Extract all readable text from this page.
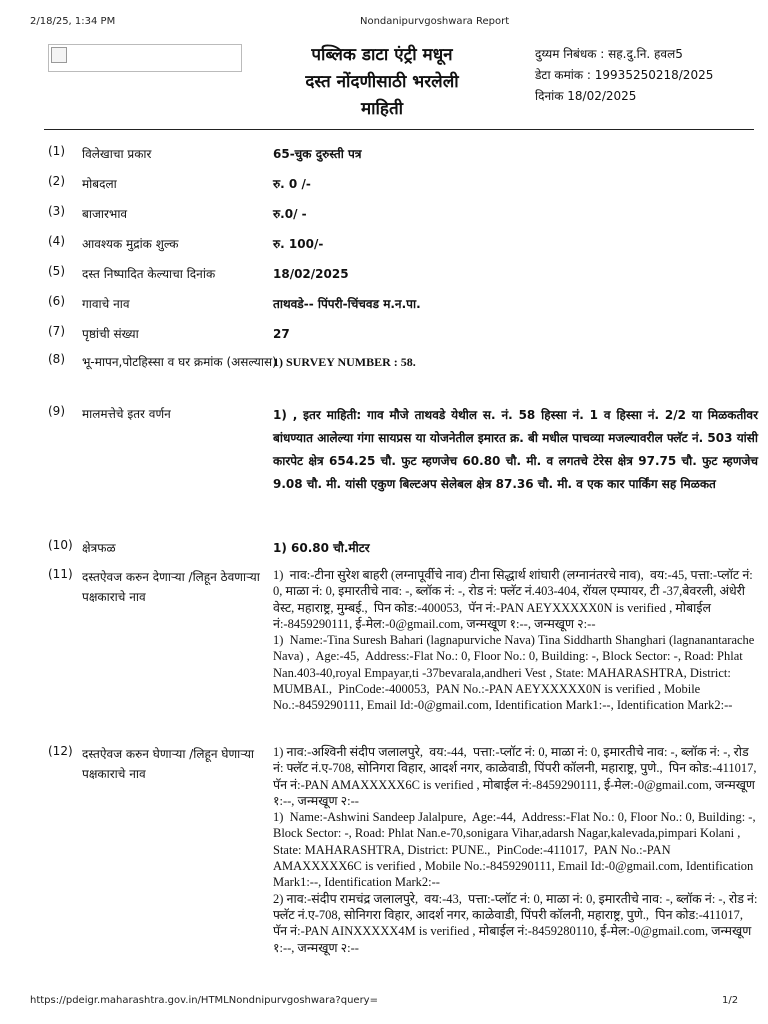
2/18/25, 1:34 PM	Nondanipurvgoshwara Report
पब्लिक डाटा एंट्री मधून
दस्त नोंदणीसाठी भरलेली
माहिती
दुय्यम निबंधक : सह.दु.नि. हवल5
डेटा कमांक : 19935250218/2025
दिनांक 18/02/2025
(1) विलेखाचा प्रकार	65-चुक दुरुस्ती पत्र
(2) मोबदला	रु. 0 /-
(3) बाजारभाव	रु.0/ -
(4) आवश्यक मुद्रांक शुल्क	रु. 100/-
(5) दस्त निष्पादित केल्याचा दिनांक	18/02/2025
(6) गावाचे नाव	ताथवडे-- पिंपरी-चिंचवड म.न.पा.
(7) पृष्ठांची संख्या	27
(8) भू-मापन,पोटहिस्सा व घर क्रमांक (असल्यास)
1) SURVEY NUMBER : 58.
(9) मालमत्तेचे इतर वर्णन	1) , इतर माहिती: गाव मौजे ताथवडे येथील स. नं. 58 हिस्सा नं. 1 व हिस्सा नं. 2/2 या मिळकतीवर बांधण्यात आलेल्या गंगा सायप्रस या योजनेतील इमारत क्र. बी मधील पाचव्या मजल्यावरील फ्लॅट नं. 503 यांसी कारपेट क्षेत्र 654.25 चौ. फुट म्हणजेच 60.80 चौ. मी. व लगतचे टेरेस क्षेत्र 97.75 चौ. फुट म्हणजेच 9.08 चौ. मी. यांसी एकुण बिल्टअप सेलेबल क्षेत्र 87.36 चौ. मी. व एक कार पार्किंग सह मिळकत
(10) क्षेत्रफळ	1) 60.80 चौ.मीटर
(11) दस्तऐवज करुन देणाऱ्या /लिहून ठेवणाऱ्या पक्षकाराचे नाव
1)  नाव:-टीना सुरेश बाहरी (लग्नापूर्वीचे नाव) टीना सिद्धार्थ शांघारी (लग्नानंतरचे नाव),  वय:-45, पत्ता:-प्लॉट नं: 0, माळा नं: 0, इमारतीचे नाव: -, ब्लॉक नं: -, रोड नं: फ्लॅट नं.403-404, रॉयल एम्पायर, टी -37,बेवरली, अंधेरी वेस्ट, महाराष्ट्र, मुम्बई.,  पिन कोड:-400053,  पॅन नं:-PAN AEYXXXXX0N is verified , मोबाईल नं:-8459290111, ई-मेल:-0@gmail.com, जन्मखूण १:--, जन्मखूण २:--
1)  Name:-Tina Suresh Bahari (lagnapurviche Nava) Tina Siddharth Shanghari (lagnanantarache Nava) ,  Age:-45,  Address:-Flat No.: 0, Floor No.: 0, Building: -, Block Sector: -, Road: Phlat Nan.403-40,royal Empayar,ti -37bevarala,andheri Vest , State: MAHARASHTRA, District: MUMBAI.,  PinCode:-400053,  PAN No.:-PAN AEYXXXXX0N is verified , Mobile No.:-8459290111, Email Id:-0@gmail.com, Identification Mark1:--, Identification Mark2:--
(12) दस्तऐवज करुन घेणाऱ्या /लिहून घेणाऱ्या पक्षकाराचे नाव
1) नाव:-अश्विनी संदीप जलालपुरे,  वय:-44,  पत्ता:-प्लॉट नं: 0, माळा नं: 0, इमारतीचे नाव: -, ब्लॉक नं: -, रोड नं: फ्लॅट नं.ए-708, सोनिगरा विहार, आदर्श नगर, काळेवाडी, पिंपरी कॉलनी, महाराष्ट्र, पुणे.,  पिन कोड:-411017,  पॅन नं:-PAN AMAXXXXX6C is verified , मोबाईल नं:-8459290111, ई-मेल:-0@gmail.com, जन्मखूण १:--, जन्मखूण २:--
1)  Name:-Ashwini Sandeep Jalalpure,  Age:-44,  Address:-Flat No.: 0, Floor No.: 0, Building: -, Block Sector: -, Road: Phlat Nan.e-70,sonigara Vihar,adarsh Nagar,kalevada,pimpari Kolani , State: MAHARASHTRA, District: PUNE.,  PinCode:-411017,  PAN No.:-PAN AMAXXXXX6C is verified , Mobile No.:-8459290111, Email Id:-0@gmail.com, Identification Mark1:--, Identification Mark2:--
2) नाव:-संदीप रामचंद्र जलालपुरे,  वय:-43,  पत्ता:-प्लॉट नं: 0, माळा नं: 0, इमारतीचे नाव: -, ब्लॉक नं: -, रोड नं: फ्लॅट नं.ए-708, सोनिगरा विहार, आदर्श नगर, काळेवाडी, पिंपरी कॉलनी, महाराष्ट्र, पुणे.,  पिन कोड:-411017,  पॅन नं:-PAN AINXXXXX4M is verified , मोबाईल नं:-8459280110, ई-मेल:-0@gmail.com, जन्मखूण १:--, जन्मखूण २:--
https://pdeigr.maharashtra.gov.in/HTMLNondnipurvgoshwara?query=	1/2
